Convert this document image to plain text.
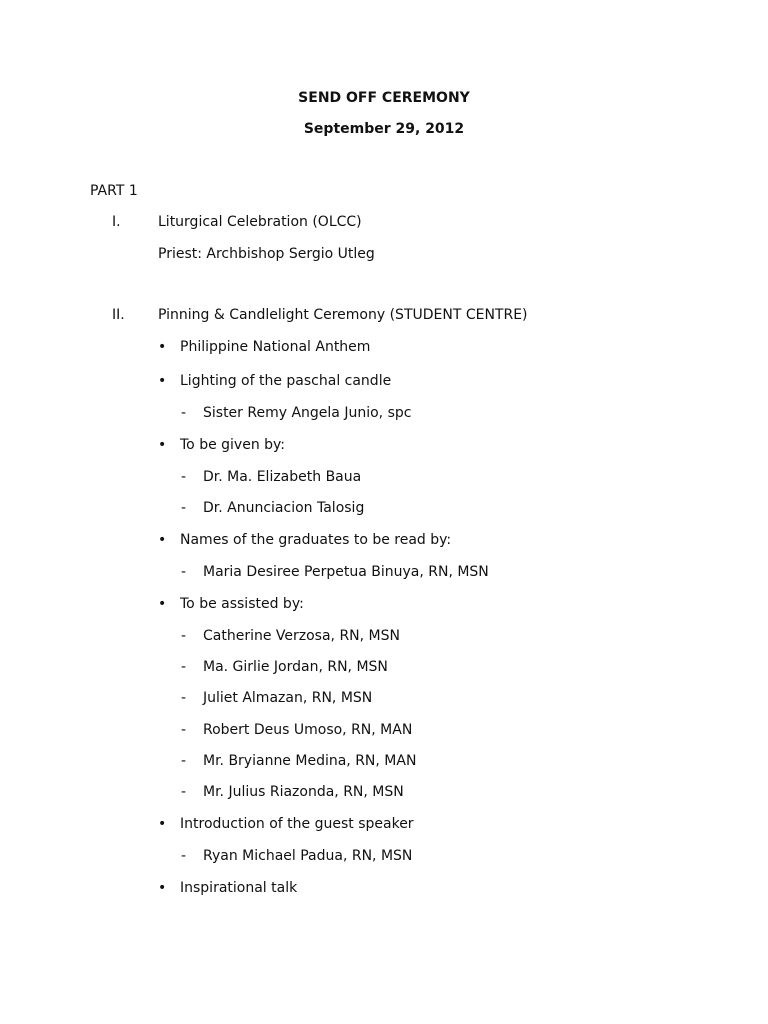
SEND OFF CEREMONY
September 29, 2012
PART 1
I.	Liturgical Celebration (OLCC)
Priest: Archbishop Sergio Utleg
II. Pinning & Candlelight Ceremony (STUDENT CENTRE)
• Philippine National Anthem
• Lighting of the paschal candle
- Sister Remy Angela Junio, spc
• To be given by:
- Dr. Ma. Elizabeth Baua
- Dr. Anunciacion Talosig
• Names of the graduates to be read by:
- Maria Desiree Perpetua Binuya, RN, MSN
• To be assisted by:
- Catherine Verzosa, RN, MSN
- Ma. Girlie Jordan, RN, MSN
- Juliet Almazan, RN, MSN
- Robert Deus Umoso, RN, MAN
- Mr. Bryianne Medina, RN, MAN
- Mr. Julius Riazonda, RN, MSN
• Introduction of the guest speaker
- Ryan Michael Padua, RN, MSN
• Inspirational talk
